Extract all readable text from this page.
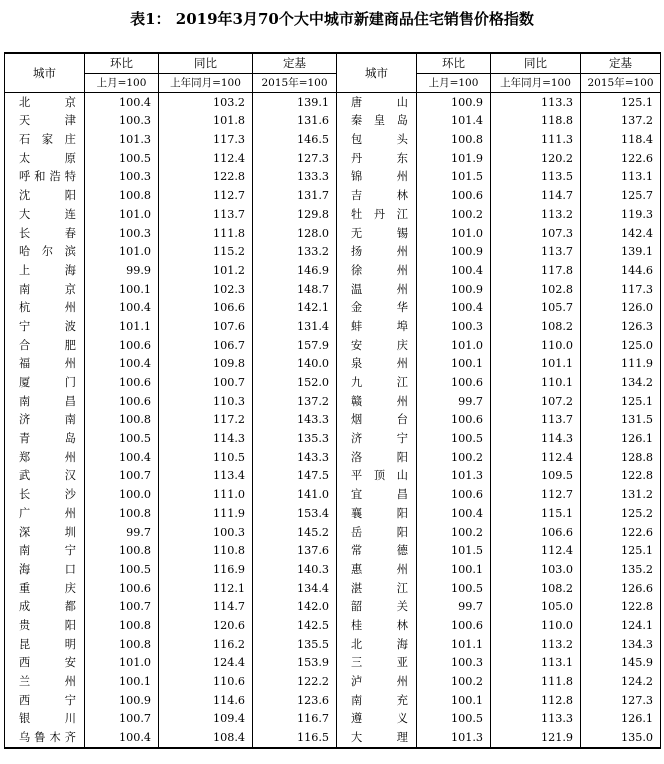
表1： 2019年3月70个大中城市新建商品住宅销售价格指数
城市	环比	同比	定基	城市	环比	同比	定基
	上月=100	上年同月=100	2015年=100		上月=100	上年同月=100	2015年=100

北京	100.4	103.2	139.1	唐山	100.9	113.3	125.1

天津	100.3	101.8	131.6	秦皇岛	101.4	118.8	137.2

石家庄	101.3	117.3	146.5	包头	100.8	111.3	118.4

太原	100.5	112.4	127.3	丹东	101.9	120.2	122.6

呼和浩特	100.3	122.8	133.3	锦州	101.5	113.5	113.1

沈阳	100.8	112.7	131.7	吉林	100.6	114.7	125.7

大连	101.0	113.7	129.8	牡丹江	100.2	113.2	119.3

长春	100.3	111.8	128.0	无锡	101.0	107.3	142.4

哈尔滨	101.0	115.2	133.2	扬州	100.9	113.7	139.1

上海	99.9	101.2	146.9	徐州	100.4	117.8	144.6

南京	100.1	102.3	148.7	温州	100.9	102.8	117.3

杭州	100.4	106.6	142.1	金华	100.4	105.7	126.0

宁波	101.1	107.6	131.4	蚌埠	100.3	108.2	126.3

合肥	100.6	106.7	157.9	安庆	101.0	110.0	125.0

福州	100.4	109.8	140.0	泉州	100.1	101.1	111.9

厦门	100.6	100.7	152.0	九江	100.6	110.1	134.2

南昌	100.6	110.3	137.2	赣州	99.7	107.2	125.1

济南	100.8	117.2	143.3	烟台	100.6	113.7	131.5

青岛	100.5	114.3	135.3	济宁	100.5	114.3	126.1

郑州	100.4	110.5	143.3	洛阳	100.2	112.4	128.8

武汉	100.7	113.4	147.5	平顶山	101.3	109.5	122.8

长沙	100.0	111.0	141.0	宜昌	100.6	112.7	131.2

广州	100.8	111.9	153.4	襄阳	100.4	115.1	125.2

深圳	99.7	100.3	145.2	岳阳	100.2	106.6	122.6

南宁	100.8	110.8	137.6	常德	101.5	112.4	125.1

海口	100.5	116.9	140.3	惠州	100.1	103.0	135.2

重庆	100.6	112.1	134.4	湛江	100.5	108.2	126.6

成都	100.7	114.7	142.0	韶关	99.7	105.0	122.8

贵阳	100.8	120.6	142.5	桂林	100.6	110.0	124.1

昆明	100.8	116.2	135.5	北海	101.1	113.2	134.3

西安	101.0	124.4	153.9	三亚	100.3	113.1	145.9

兰州	100.1	110.6	122.2	泸州	100.2	111.8	124.2

西宁	100.9	114.6	123.6	南充	100.1	112.8	127.3

银川	100.7	109.4	116.7	遵义	100.5	113.3	126.1

乌鲁木齐	100.4	108.4	116.5	大理	101.3	121.9	135.0
